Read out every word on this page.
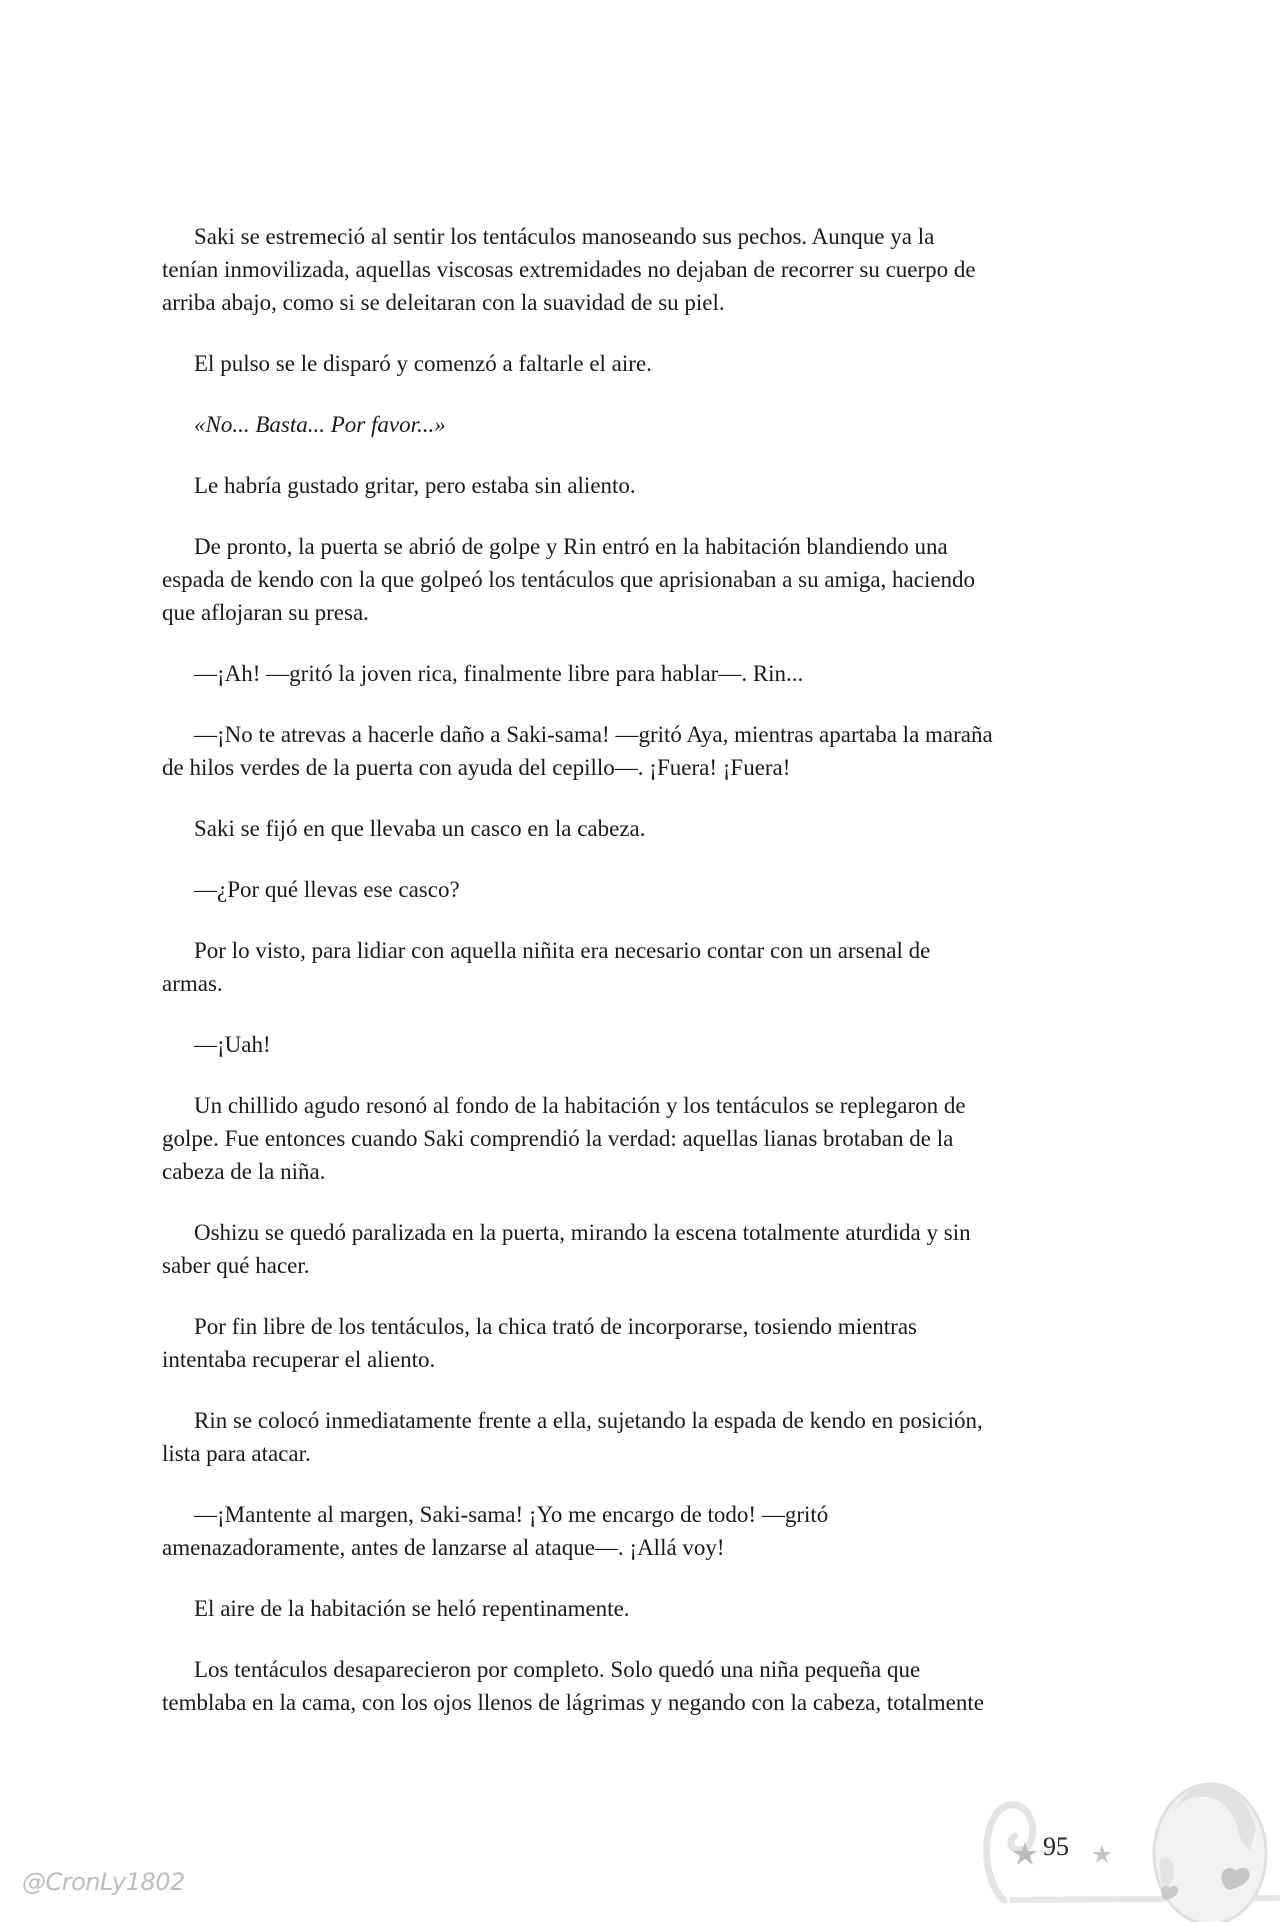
Saki se estremeció al sentir los tentáculos manoseando sus pechos. Aunque ya la
tenían inmovilizada, aquellas viscosas extremidades no dejaban de recorrer su cuerpo de
arriba abajo, como si se deleitaran con la suavidad de su piel.

El pulso se le disparó y comenzó a faltarle el aire.

«No... Basta... Por favor...»

Le habría gustado gritar, pero estaba sin aliento.

De pronto, la puerta se abrió de golpe y Rin entró en la habitación blandiendo una
espada de kendo con la que golpeó los tentáculos que aprisionaban a su amiga, haciendo
que aflojaran su presa.

—¡Ah! —gritó la joven rica, finalmente libre para hablar—. Rin...

—¡No te atrevas a hacerle daño a Saki-sama! —gritó Aya, mientras apartaba la maraña
de hilos verdes de la puerta con ayuda del cepillo—. ¡Fuera! ¡Fuera!

Saki se fijó en que llevaba un casco en la cabeza.

—¿Por qué llevas ese casco?

Por lo visto, para lidiar con aquella niñita era necesario contar con un arsenal de
armas.

—¡Uah!

Un chillido agudo resonó al fondo de la habitación y los tentáculos se replegaron de
golpe. Fue entonces cuando Saki comprendió la verdad: aquellas lianas brotaban de la
cabeza de la niña.

Oshizu se quedó paralizada en la puerta, mirando la escena totalmente aturdida y sin
saber qué hacer.

Por fin libre de los tentáculos, la chica trató de incorporarse, tosiendo mientras
intentaba recuperar el aliento.

Rin se colocó inmediatamente frente a ella, sujetando la espada de kendo en posición,
lista para atacar.

—¡Mantente al margen, Saki-sama! ¡Yo me encargo de todo! —gritó
amenazadoramente, antes de lanzarse al ataque—. ¡Allá voy!

El aire de la habitación se heló repentinamente.

Los tentáculos desaparecieron por completo. Solo quedó una niña pequeña que
temblaba en la cama, con los ojos llenos de lágrimas y negando con la cabeza, totalmente

95
@CronLy1802
